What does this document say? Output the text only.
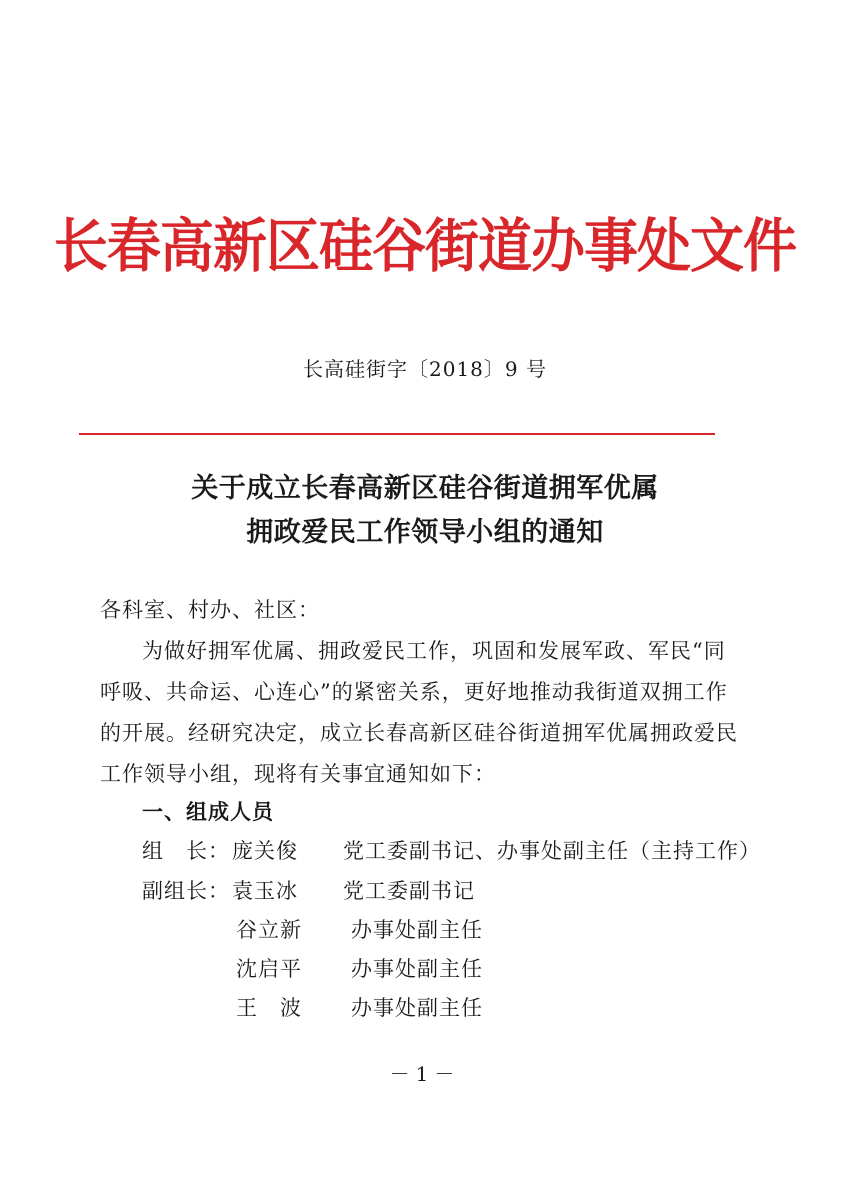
长春高新区硅谷街道办事处文件
长高硅街字〔2018〕9 号
关于成立长春高新区硅谷街道拥军优属
拥政爱民工作领导小组的通知
各科室、村办、社区：
为做好拥军优属、拥政爱民工作，巩固和发展军政、军民“同
呼吸、共命运、心连心”的紧密关系，更好地推动我街道双拥工作
的开展。经研究决定，成立长春高新区硅谷街道拥军优属拥政爱民
工作领导小组，现将有关事宜通知如下：
一、组成人员
组　长： 庞关俊 党工委副书记、办事处副主任（主持工作）
副组长： 袁玉冰 党工委副书记
谷立新 办事处副主任
沈启平 办事处副主任
王　波 办事处副主任
－1－
